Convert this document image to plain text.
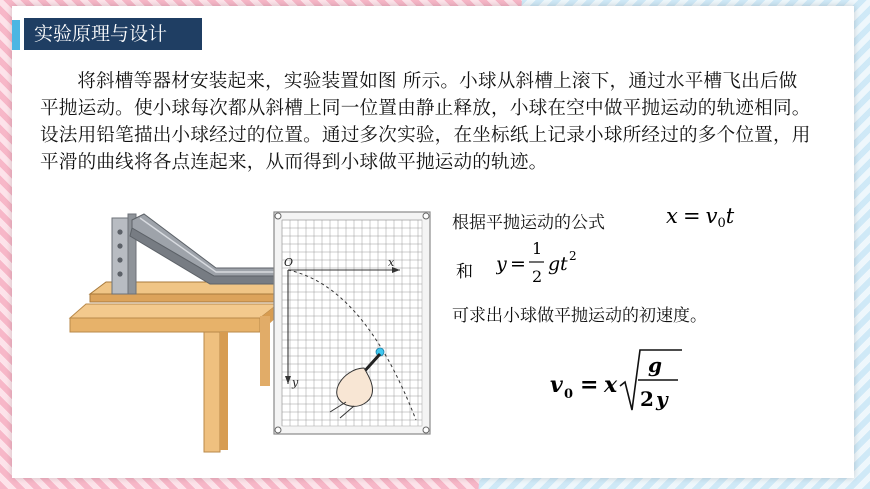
实验原理与设计
将斜槽等器材安装起来，实验装置如图 所示。小球从斜槽上滚下，通过水平槽飞出后做平抛运动。使小球每次都从斜槽上同一位置由静止释放，小球在空中做平抛运动的轨迹相同。设法用铅笔描出小球经过的位置。通过多次实验，在坐标纸上记录小球所经过的多个位置，用平滑的曲线将各点连起来，从而得到小球做平抛运动的轨迹。
O	x
y
根据平抛运动的公式	$x = v_0t$
和 y =
1
2
g t 2
可求出小球做平抛运动的初速度。
v 0 = x
g
2 y
